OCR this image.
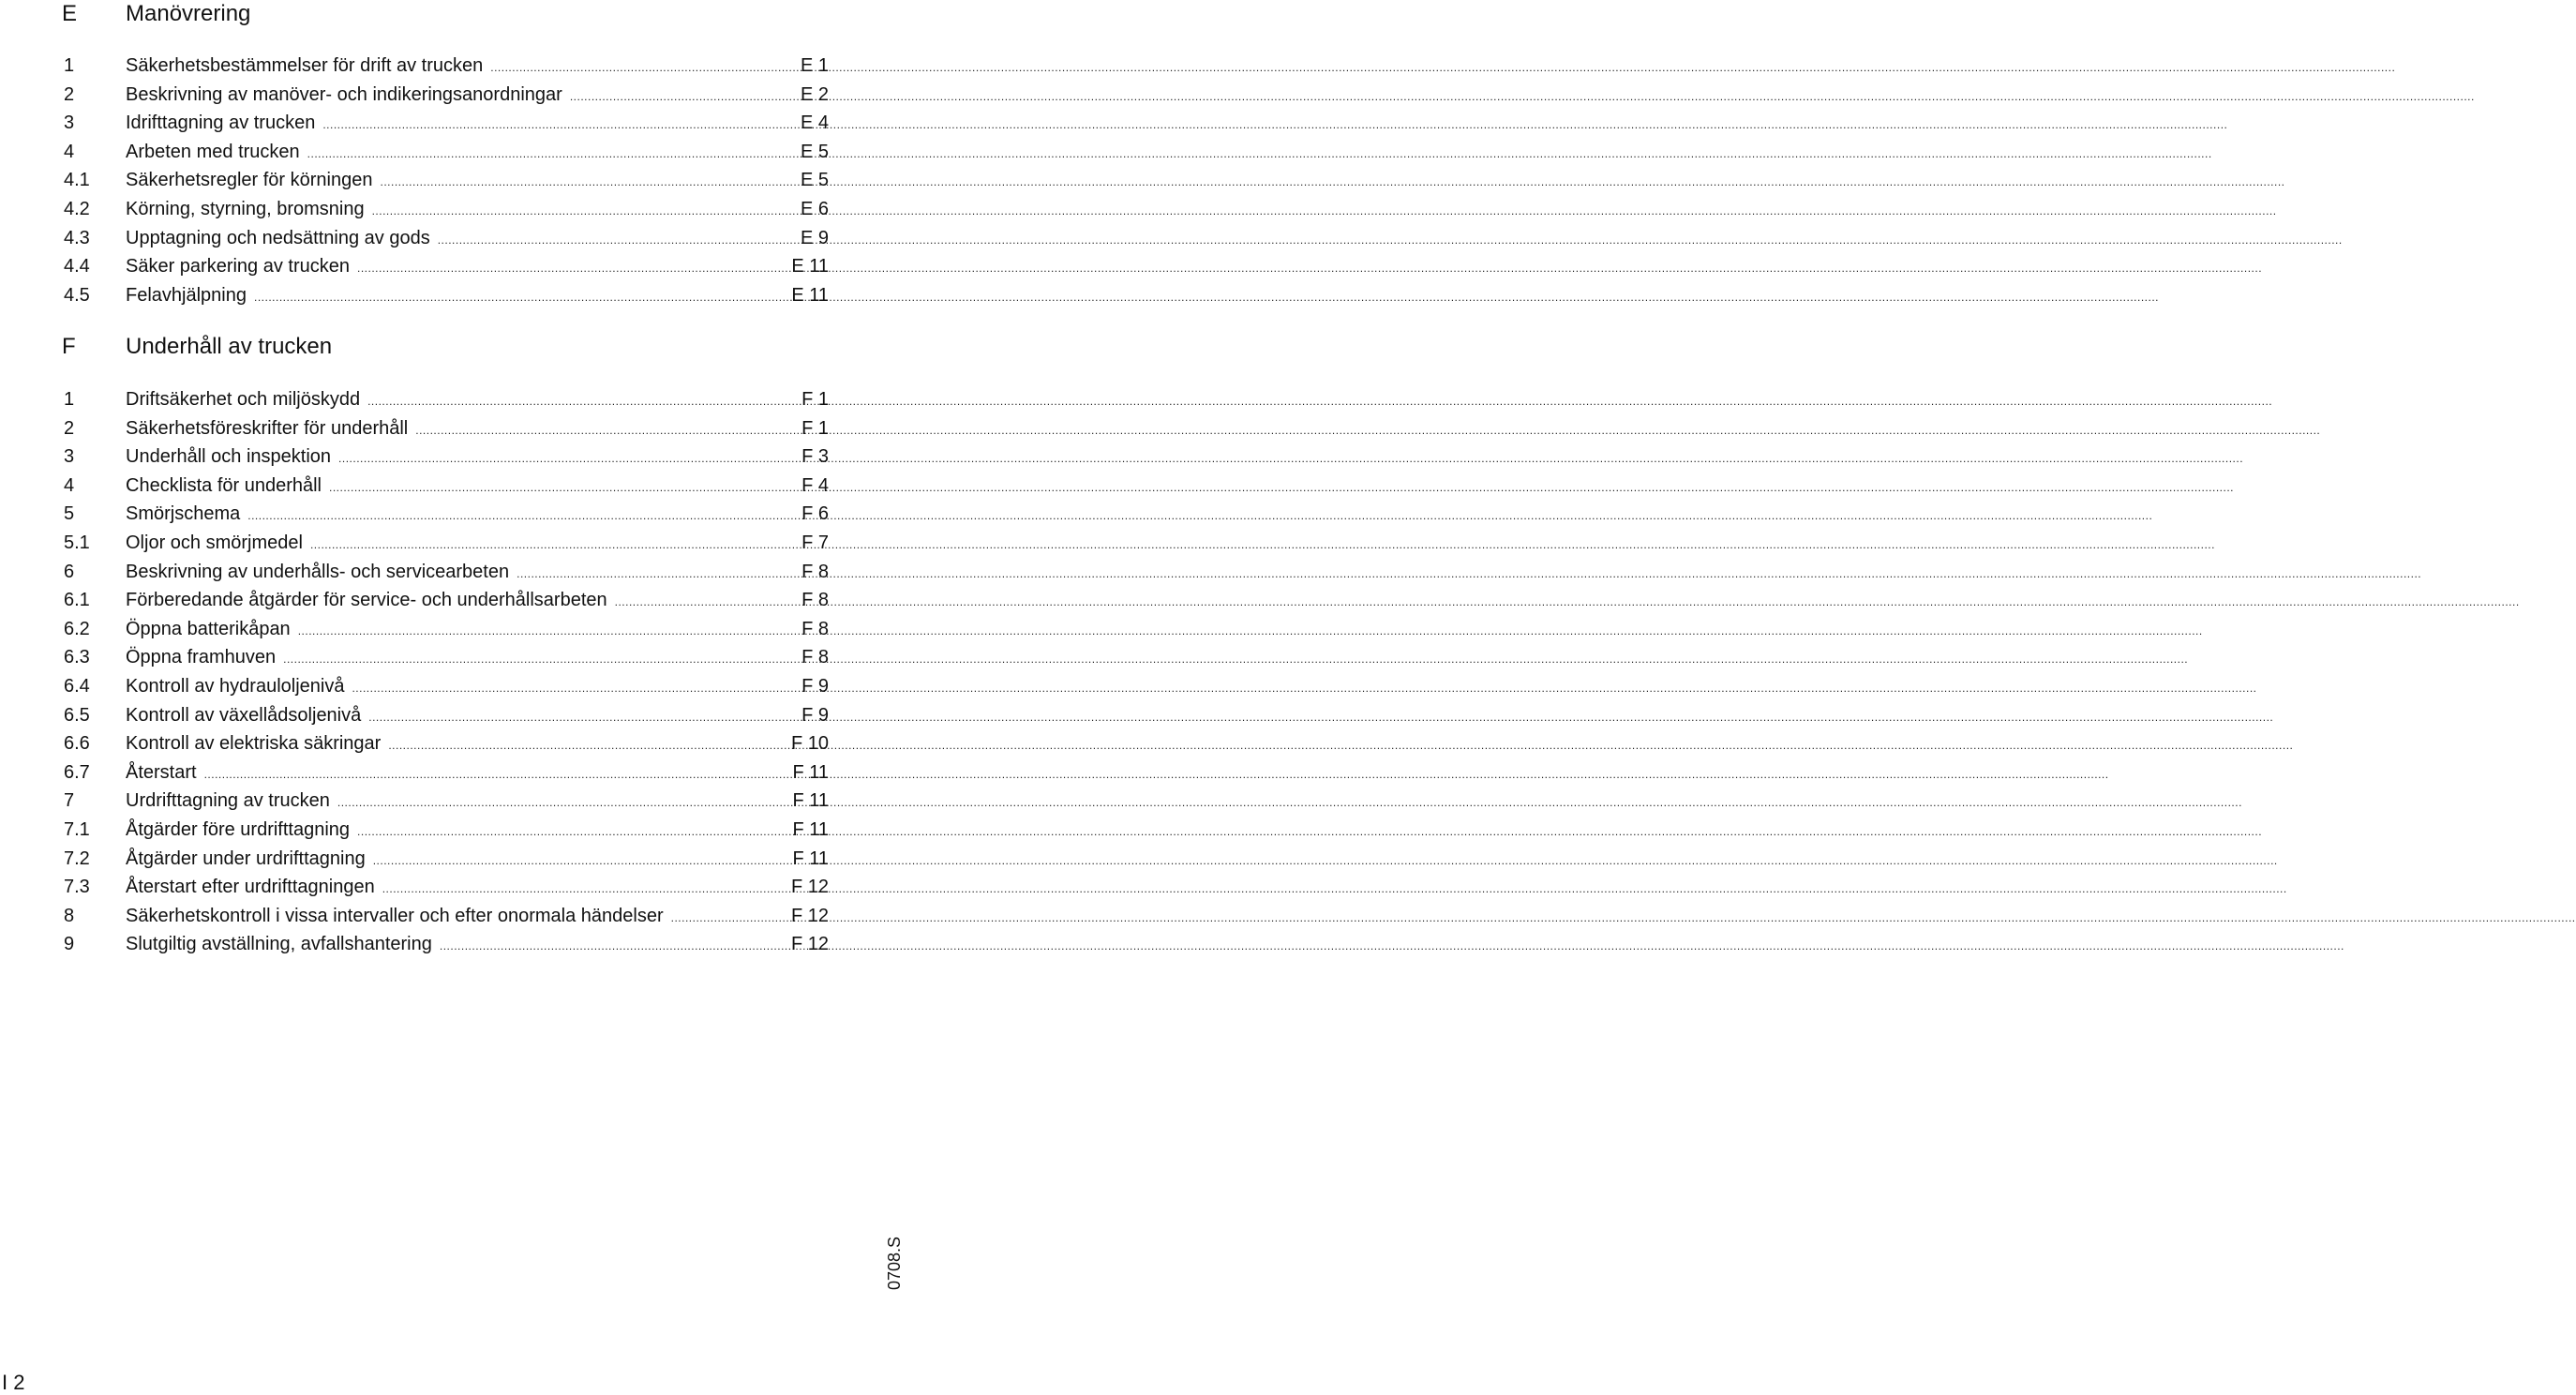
E Manövrering
1	Säkerhetsbestämmelser för drift av trucken .....	E 1
2	Beskrivning av manöver- och indikeringsanordningar .....	E 2
3	Idrifttagning av trucken .....	E 4
4	Arbeten med trucken .....	E 5
4.1 Säkerhetsregler för körningen .....	E 5
4.2 Körning, styrning, bromsning .....	E 6
4.3 Upptagning och nedsättning av gods .....	E 9
4.4 Säker parkering av trucken .....	E 11
4.5 Felavhjälpning .....	E 11
F Underhåll av trucken
1	Driftsäkerhet och miljöskydd .....	F 1
2	Säkerhetsföreskrifter för underhåll .....	F 1
3	Underhåll och inspektion .....	F 3
4	Checklista för underhåll .....	F 4
5	Smörjschema .....	F 6
5.1 Oljor och smörjmedel .....	F 7
6	Beskrivning av underhålls- och servicearbeten .....	F 8
6.1 Förberedande åtgärder för service- och underhållsarbeten .....	F 8
6.2 Öppna batterikåpan .....	F 8
6.3 Öppna framhuven .....	F 8
6.4 Kontroll av hydrauloljenivå .....	F 9
6.5 Kontroll av växellådsoljenivå .....	F 9
6.6 Kontroll av elektriska säkringar .....	F 10
6.7 Återstart .....	F 11
7	Urdrifttagning av trucken .....	F 11
7.1 Åtgärder före urdrifttagning .....	F 11
7.2 Åtgärder under urdrifttagning .....	F 11
7.3 Återstart efter urdrifttagningen .....	F 12
8	Säkerhetskontroll i vissa intervaller och efter onormala händelser .....	F 12
9	Slutgiltig avställning, avfallshantering .....	F 12
I 2
0708.S
